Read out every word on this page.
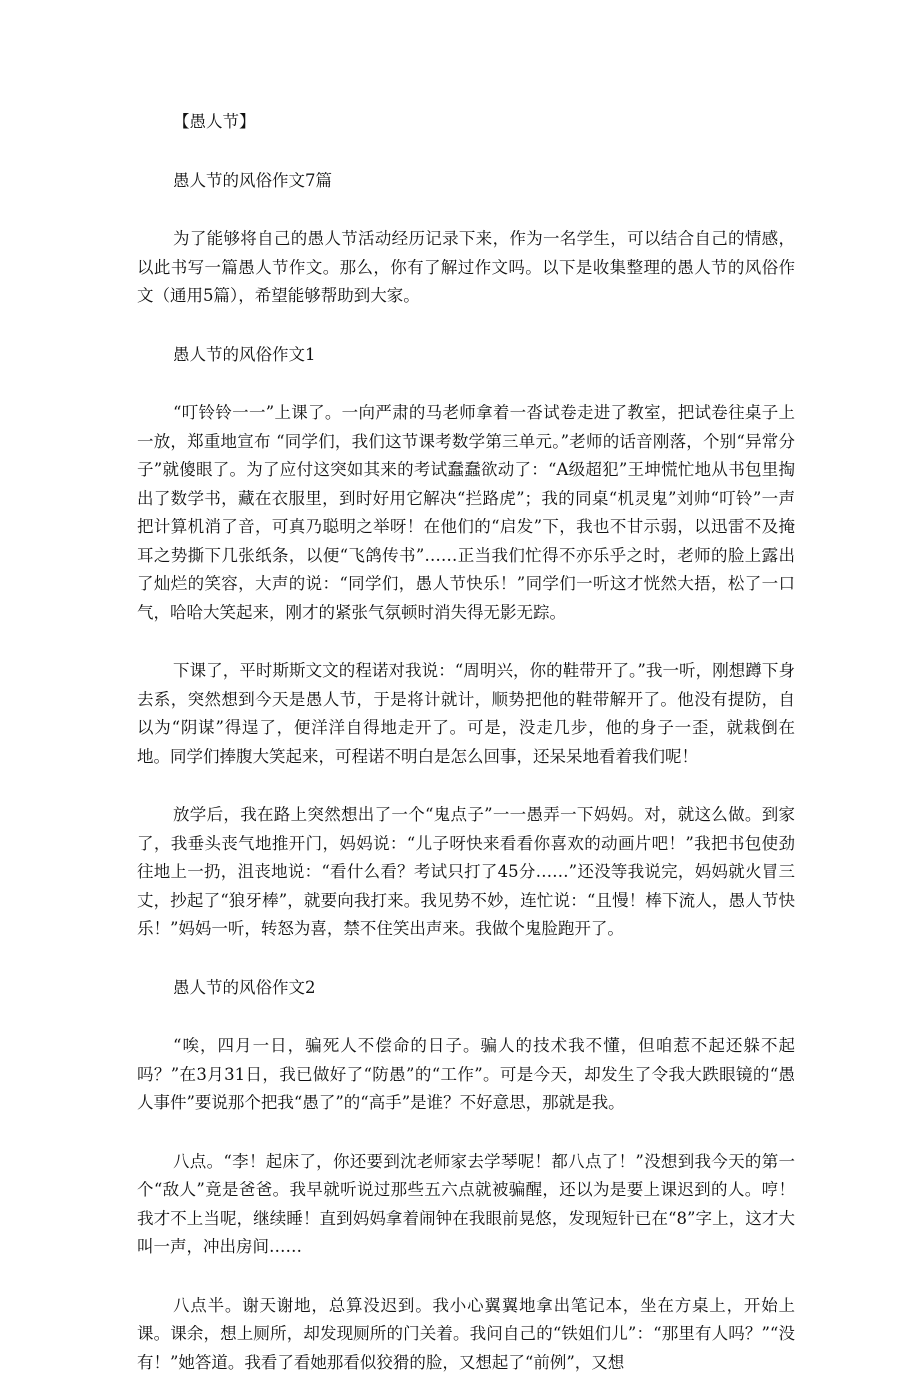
【愚人节】
愚人节的风俗作文7篇

为了能够将自己的愚人节活动经历记录下来，作为一名学生，可以结合自己的情感，以此书写一篇愚人节作文。那么，你有了解过作文吗。以下是收集整理的愚人节的风俗作文（通用5篇），希望能够帮助到大家。

愚人节的风俗作文1

“叮铃铃一一”上课了。一向严肃的马老师拿着一沓试卷走进了教室，把试卷往桌子上一放，郑重地宣布 “同学们，我们这节课考数学第三单元。”老师的话音刚落，个别“异常分子”就傻眼了。为了应付这突如其来的考试蠢蠢欲动了：“A级超犯”王坤慌忙地从书包里掏出了数学书，藏在衣服里，到时好用它解决“拦路虎”；我的同桌“机灵鬼”刘帅“叮铃”一声把计算机消了音，可真乃聪明之举呀！在他们的“启发”下，我也不甘示弱，以迅雷不及掩耳之势撕下几张纸条，以便“飞鸽传书”……正当我们忙得不亦乐乎之时，老师的脸上露出了灿烂的笑容，大声的说：“同学们，愚人节快乐！”同学们一听这才恍然大捂，松了一口气，哈哈大笑起来，刚才的紧张气氛顿时消失得无影无踪。

下课了，平时斯斯文文的程诺对我说：“周明兴，你的鞋带开了。”我一听，刚想蹲下身去系，突然想到今天是愚人节，于是将计就计，顺势把他的鞋带解开了。他没有提防，自以为“阴谋”得逞了，便洋洋自得地走开了。可是，没走几步，他的身子一歪，就栽倒在地。同学们捧腹大笑起来，可程诺不明白是怎么回事，还呆呆地看着我们呢！

放学后，我在路上突然想出了一个“鬼点子”一一愚弄一下妈妈。对，就这么做。到家了，我垂头丧气地推开门，妈妈说：“儿子呀快来看看你喜欢的动画片吧！”我把书包使劲往地上一扔，沮丧地说：“看什么看？考试只打了45分……”还没等我说完，妈妈就火冒三丈，抄起了“狼牙棒”，就要向我打来。我见势不妙，连忙说：“且慢！棒下流人，愚人节快乐！”妈妈一听，转怒为喜，禁不住笑出声来。我做个鬼脸跑开了。

愚人节的风俗作文2

“唉，四月一日，骗死人不偿命的日子。骗人的技术我不懂，但咱惹不起还躲不起吗？”在3月31日，我已做好了“防愚”的“工作”。可是今天，却发生了令我大跌眼镜的“愚人事件”要说那个把我“愚了”的“高手”是谁？不好意思，那就是我。

八点。“李！起床了，你还要到沈老师家去学琴呢！都八点了！”没想到我今天的第一个“敌人”竟是爸爸。我早就听说过那些五六点就被骗醒，还以为是要上课迟到的人。哼！我才不上当呢，继续睡！直到妈妈拿着闹钟在我眼前晃悠，发现短针已在“8”字上，这才大叫一声，冲出房间……

八点半。谢天谢地，总算没迟到。我小心翼翼地拿出笔记本，坐在方桌上，开始上课。课余，想上厕所，却发现厕所的门关着。我问自己的“铁姐们儿”：“那里有人吗？”“没有！”她答道。我看了看她那看似狡猾的脸，又想起了“前例”，又想
